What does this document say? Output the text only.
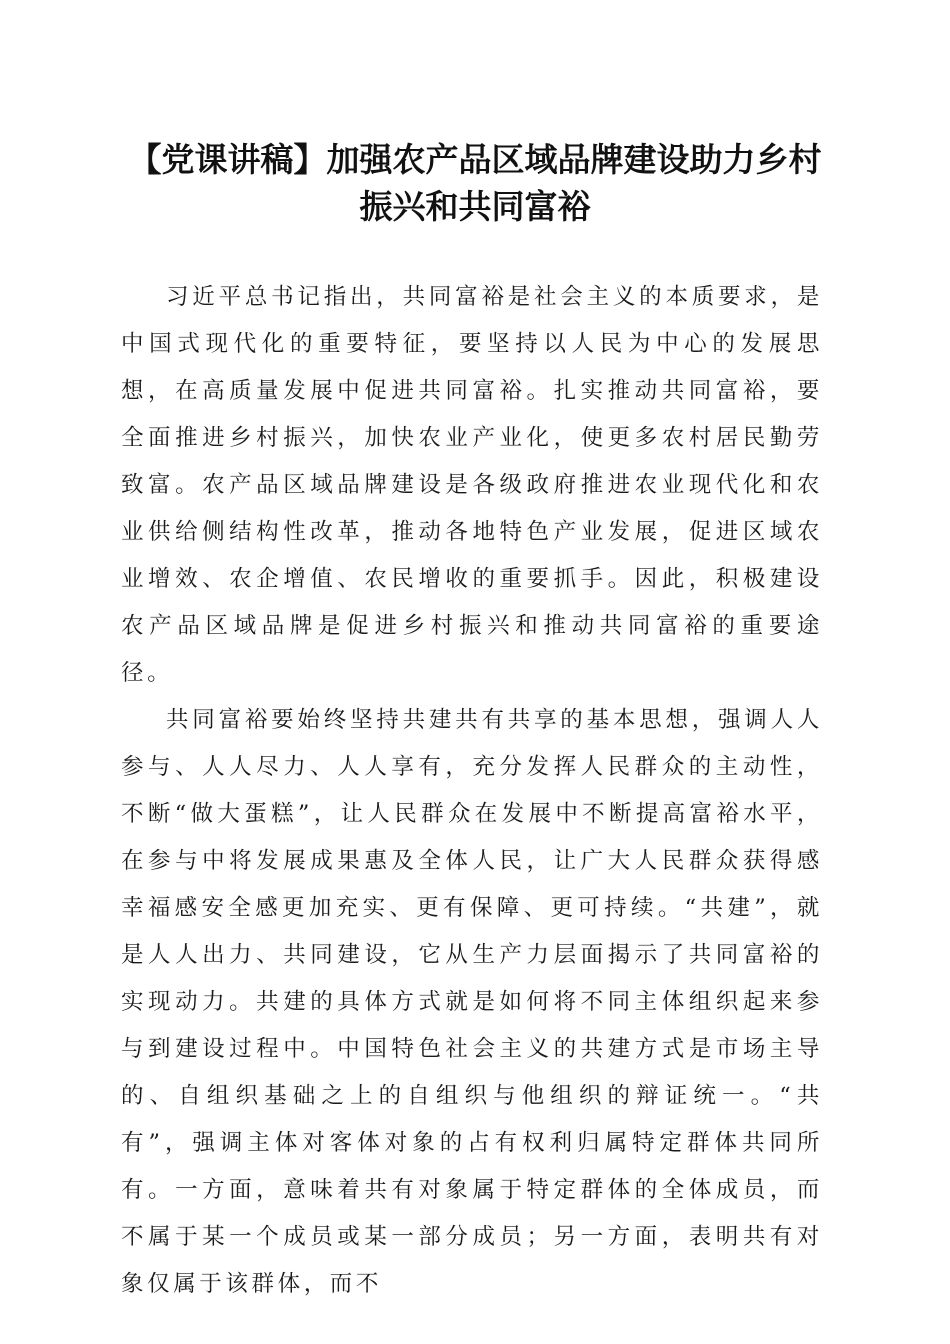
【党课讲稿】加强农产品区域品牌建设助力乡村振兴和共同富裕

习近平总书记指出，共同富裕是社会主义的本质要求，是中国式现代化的重要特征，要坚持以人民为中心的发展思想，在高质量发展中促进共同富裕。扎实推动共同富裕，要全面推进乡村振兴，加快农业产业化，使更多农村居民勤劳致富。农产品区域品牌建设是各级政府推进农业现代化和农业供给侧结构性改革，推动各地特色产业发展，促进区域农业增效、农企增值、农民增收的重要抓手。因此，积极建设农产品区域品牌是促进乡村振兴和推动共同富裕的重要途径。

共同富裕要始终坚持共建共有共享的基本思想，强调人人参与、人人尽力、人人享有，充分发挥人民群众的主动性，不断“做大蛋糕”，让人民群众在发展中不断提高富裕水平，在参与中将发展成果惠及全体人民，让广大人民群众获得感幸福感安全感更加充实、更有保障、更可持续。“共建”，就是人人出力、共同建设，它从生产力层面揭示了共同富裕的实现动力。共建的具体方式就是如何将不同主体组织起来参与到建设过程中。中国特色社会主义的共建方式是市场主导的、自组织基础之上的自组织与他组织的辩证统一。“共有”，强调主体对客体对象的占有权利归属特定群体共同所有。一方面，意味着共有对象属于特定群体的全体成员，而不属于某一个成员或某一部分成员；另一方面，表明共有对象仅属于该群体，而不
